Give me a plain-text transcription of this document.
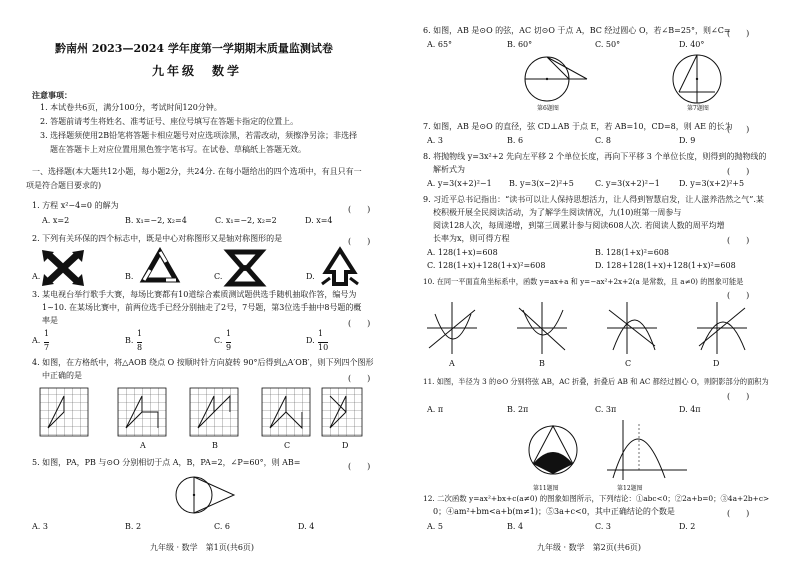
黔南州 2023—2024 学年度第一学期期末质量监测试卷
九年级　数学
注意事项：
1. 本试卷共6页，满分100分，考试时间120分钟。
2. 答题前请考生将姓名、准考证号、座位号填写在答题卡指定的位置上。
3. 选择题须使用2B铅笔将答题卡相应题号对应选项涂黑，若需改动，须擦净另涂；非选择
题在答题卡上对应位置用黑色签字笔书写。在试卷、草稿纸上答题无效。
一、选择题(本大题共12小题，每小题2分，共24分. 在每小题给出的四个选项中，有且只有一
项是符合题目要求的)
1. 方程 x²−4=0 的解为	(　　)
A. x=2	B. x₁=−2, x₂=4	C. x₁=−2, x₂=2	D. x=4
2. 下列有关环保的四个标志中，既是中心对称图形又是轴对称图形的是	(　　)
A.	B.	C.	D.
3. 某电视台举行歌手大赛，每场比赛都有10道综合素质测试题供选手随机抽取作答，编号为
1~10. 在某场比赛中，前两位选手已经分别抽走了2号，7号题，第3位选手抽中8号题的概
率是	(　　)
A.
1
7
B.
1
8
C.
1
9
D.
1
10
4. 如图，在方格纸中，将△AOB 绕点 O 按顺时针方向旋转 90°后得到△A′OB′，则下列四个图形
中正确的是	(　　)
A	B	C	D
5. 如图，PA，PB 与⊙O 分别相切于点 A，B，PA=2，∠P=60°，则 AB=	(　　)
A. 3	B. 2	C. 6	D. 4
九年级 · 数学　第1页(共6页)
6. 如图，AB 是⊙O 的弦，AC 切⊙O 于点 A，BC 经过圆心 O，若∠B=25°，则∠C=
(　　)
A. 65°	B. 60°	C. 50°	D. 40°
第6题图	第7题图
7. 如图，AB 是⊙O 的直径，弦 CD⊥AB 于点 E，若 AB=10，CD=8，则 AE 的长为
(　　)
A. 3	B. 6	C. 8	D. 9
8. 将抛物线 y=3x²+2 先向左平移 2 个单位长度，再向下平移 3 个单位长度，则得到的抛物线的
解析式为	(　　)
A. y=3(x+2)²−1 B. y=3(x−2)²+5	C. y=3(x+2)²−1 D. y=3(x+2)²+5
9. 习近平总书记指出：“读书可以让人保持思想活力，让人得到智慧启发，让人滋养浩然之气”.某
校积极开展全民阅读活动，为了解学生阅读情况，九(10)班第一周参与
阅读128人次，每周递增，到第三周累计参与阅读608人次. 若阅读人数的周平均增
长率为x，则可得方程	(　　)
A. 128(1+x)=608	B. 128(1+x)²=608
C. 128(1+x)+128(1+x)²=608	D. 128+128(1+x)+128(1+x)²=608
10. 在同一平面直角坐标系中，函数 y=ax+a 和 y=−ax²+2x+2(a 是常数，且 a≠0) 的图象可能是
(　　)
A	B	C	D
11. 如图，半径为 3 的⊙O 分别将弦 AB，AC 折叠，折叠后 AB 和 AC 都经过圆心 O，则阴影部分的面积为
(　　)
A. π	B. 2π	C. 3π	D. 4π
第11题图	第12题图
12. 二次函数 y=ax²+bx+c(a≠0) 的图象如图所示，下列结论：①abc<0；②2a+b=0；③4a+2b+c>
0；④am²+bm<a+b(m≠1)；⑤3a+c<0，其中正确结论的个数是	(　　)
A. 5	B. 4	C. 3	D. 2
九年级 · 数学　第2页(共6页)
